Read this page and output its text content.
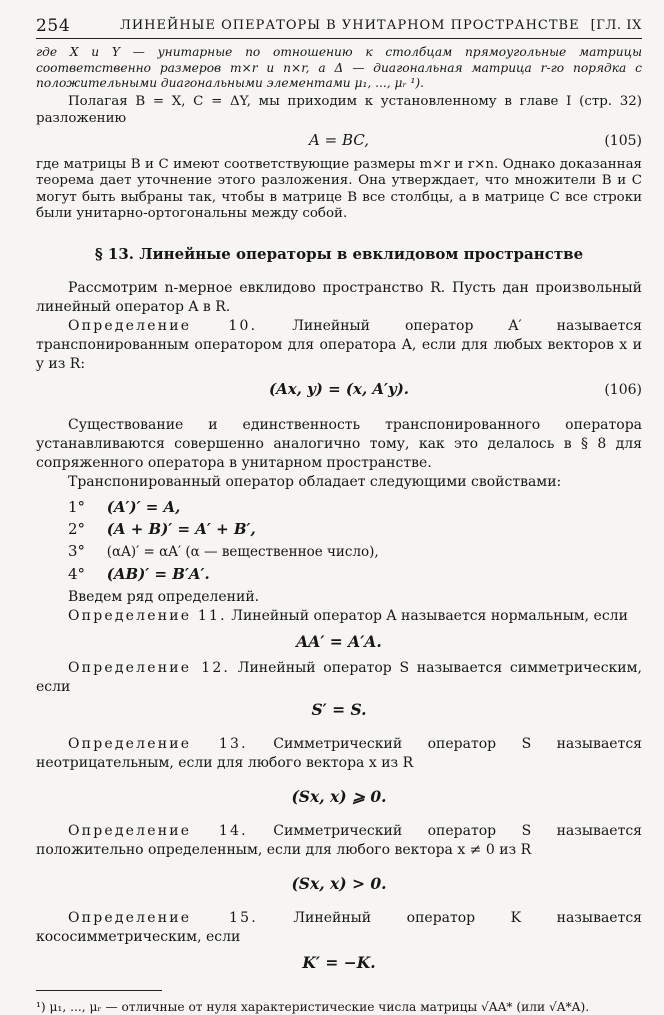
254	ЛИНЕЙНЫЕ ОПЕРАТОРЫ В УНИТАРНОМ ПРОСТРАНСТВЕ [ГЛ. IX

где X и Y — унитарные по отношению к столбцам прямоугольные матрицы соответственно размеров m×r и n×r, а Δ — диагональная матрица r-го порядка с положительными диагональными элементами μ₁, ..., μᵣ ¹).

Полагая B = X, C = ΔY, мы приходим к установленному в главе I (стр. 32) разложению

A = BC,	(105)

где матрицы B и C имеют соответствующие размеры m×r и r×n. Однако доказанная теорема дает уточнение этого разложения. Она утверждает, что множители B и C могут быть выбраны так, чтобы в матрице B все столбцы, а в матрице C все строки были унитарно-ортогональны между собой.

§ 13. Линейные операторы в евклидовом пространстве

Рассмотрим n-мерное евклидово пространство R. Пусть дан произвольный линейный оператор A в R.

Определение 10. Линейный оператор A′ называется транспонированным оператором для оператора A, если для любых векторов x и y из R:

(Ax, y) = (x, A′y).	(106)

Существование и единственность транспонированного оператора устанавливаются совершенно аналогично тому, как это делалось в § 8 для сопряженного оператора в унитарном пространстве.

Транспонированный оператор обладает следующими свойствами:

1° (A′)′ = A,
2° (A + B)′ = A′ + B′,
3° (αA)′ = αA′ (α — вещественное число),
4° (AB)′ = B′A′.

Введем ряд определений.

Определение 11. Линейный оператор A называется нормальным, если

AA′ = A′A.

Определение 12. Линейный оператор S называется симметрическим, если

S′ = S.

Определение 13. Симметрический оператор S называется неотрицательным, если для любого вектора x из R

(Sx, x) ⩾ 0.

Определение 14. Симметрический оператор S называется положительно определенным, если для любого вектора x ≠ 0 из R

(Sx, x) > 0.

Определение 15.	Линейный оператор K называется кососимметрическим, если

K′ = −K.

¹) μ₁, ..., μᵣ — отличные от нуля характеристические числа матрицы √AA* (или √A*A).
